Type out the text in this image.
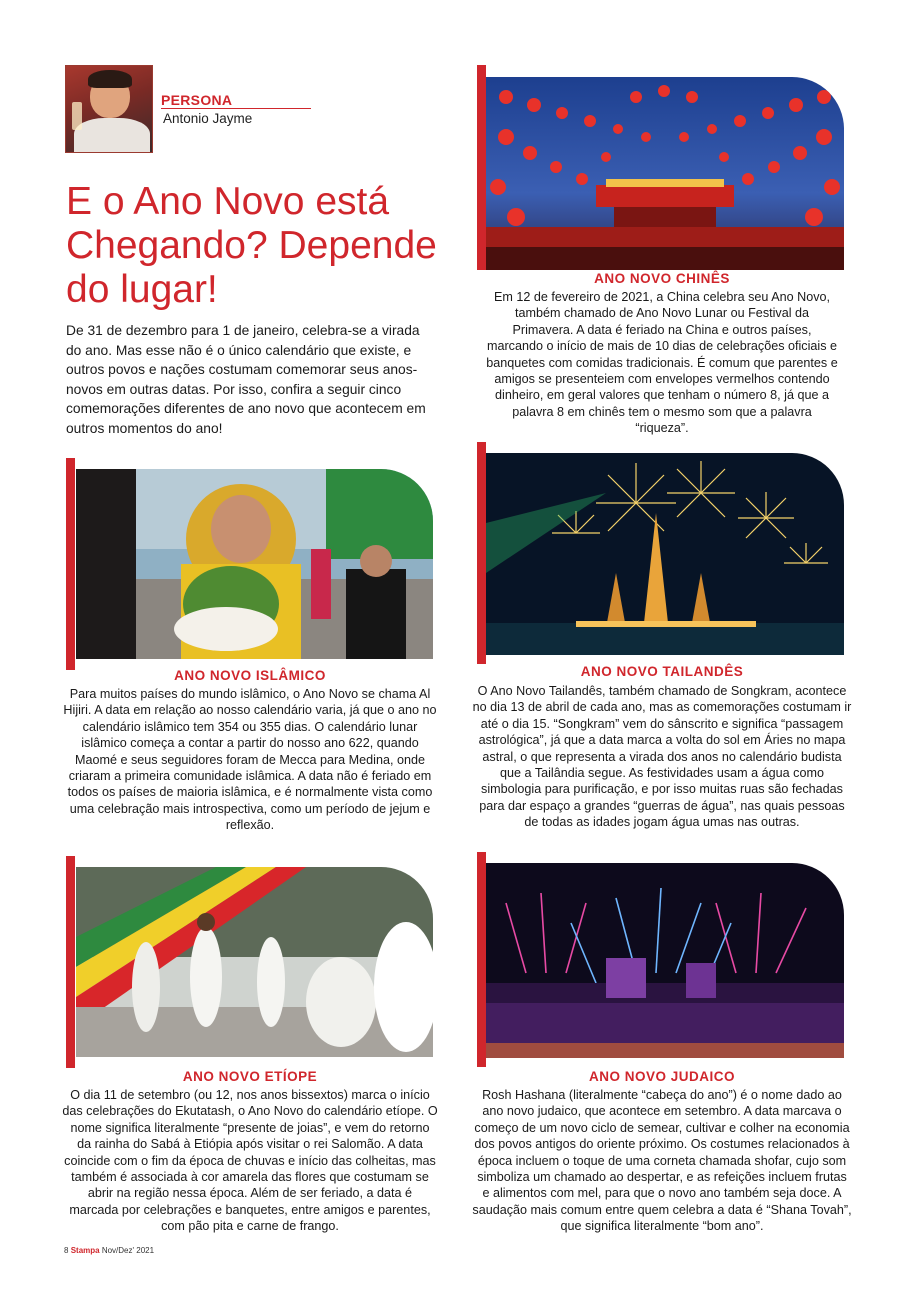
PERSONA
Antonio Jayme
E o Ano Novo está Chegando? Depende do lugar!

De 31 de dezembro para 1 de janeiro, celebra-se a virada do ano. Mas esse não é o único calendário que existe, e outros povos e nações costumam comemorar seus anos-novos em outras datas. Por isso, confira a seguir cinco comemorações diferentes de ano novo que acontecem em outros momentos do ano!

ANO NOVO CHINÊS
Em 12 de fevereiro de 2021, a China celebra seu Ano Novo, também chamado de Ano Novo Lunar ou Festival da Primavera. A data é feriado na China e outros países, marcando o início de mais de 10 dias de celebrações oficiais e banquetes com comidas tradicionais. É comum que parentes e amigos se presenteiem com envelopes vermelhos contendo dinheiro, em geral valores que tenham o número 8, já que a palavra 8 em chinês tem o mesmo som que a palavra “riqueza”.
ANO NOVO ISLÂMICO
Para muitos países do mundo islâmico, o Ano Novo se chama Al Hijiri. A data em relação ao nosso calendário varia, já que o ano no calendário islâmico tem 354 ou 355 dias. O calendário lunar islâmico começa a contar a partir do nosso ano 622, quando Maomé e seus seguidores foram de Mecca para Medina, onde criaram a primeira comunidade islâmica. A data não é feriado em todos os países de maioria islâmica, e é normalmente vista como uma celebração mais introspectiva, como um período de jejum e reflexão.
ANO NOVO TAILANDÊS
O Ano Novo Tailandês, também chamado de Songkram, acontece no dia 13 de abril de cada ano, mas as comemorações costumam ir até o dia 15. “Songkram” vem do sânscrito e significa “passagem astrológica”, já que a data marca a volta do sol em Áries no mapa astral, o que representa a virada dos anos no calendário budista que a Tailândia segue. As festividades usam a água como simbologia para purificação, e por isso muitas ruas são fechadas para dar espaço a grandes “guerras de água”, nas quais pessoas de todas as idades jogam água umas nas outras.
ANO NOVO ETÍOPE
O dia 11 de setembro (ou 12, nos anos bissextos) marca o início das celebrações do Ekutatash, o Ano Novo do calendário etíope. O nome significa literalmente “presente de joias”, e vem do retorno da rainha do Sabá à Etiópia após visitar o rei Salomão. A data coincide com o fim da época de chuvas e início das colheitas, mas também é associada à cor amarela das flores que costumam se abrir na região nessa época. Além de ser feriado, a data é marcada por celebrações e banquetes, entre amigos e parentes, com pão pita e carne de frango.
ANO NOVO JUDAICO
Rosh Hashana (literalmente “cabeça do ano”) é o nome dado ao ano novo judaico, que acontece em setembro. A data marcava o começo de um novo ciclo de semear, cultivar e colher na economia dos povos antigos do oriente próximo. Os costumes relacionados à época incluem o toque de uma corneta chamada shofar, cujo som simboliza um chamado ao despertar, e as refeições incluem frutas e alimentos com mel, para que o novo ano também seja doce. A saudação mais comum entre quem celebra a data é “Shana Tovah”, que significa literalmente “bom ano”.
8 Stampa Nov/Dez' 2021
